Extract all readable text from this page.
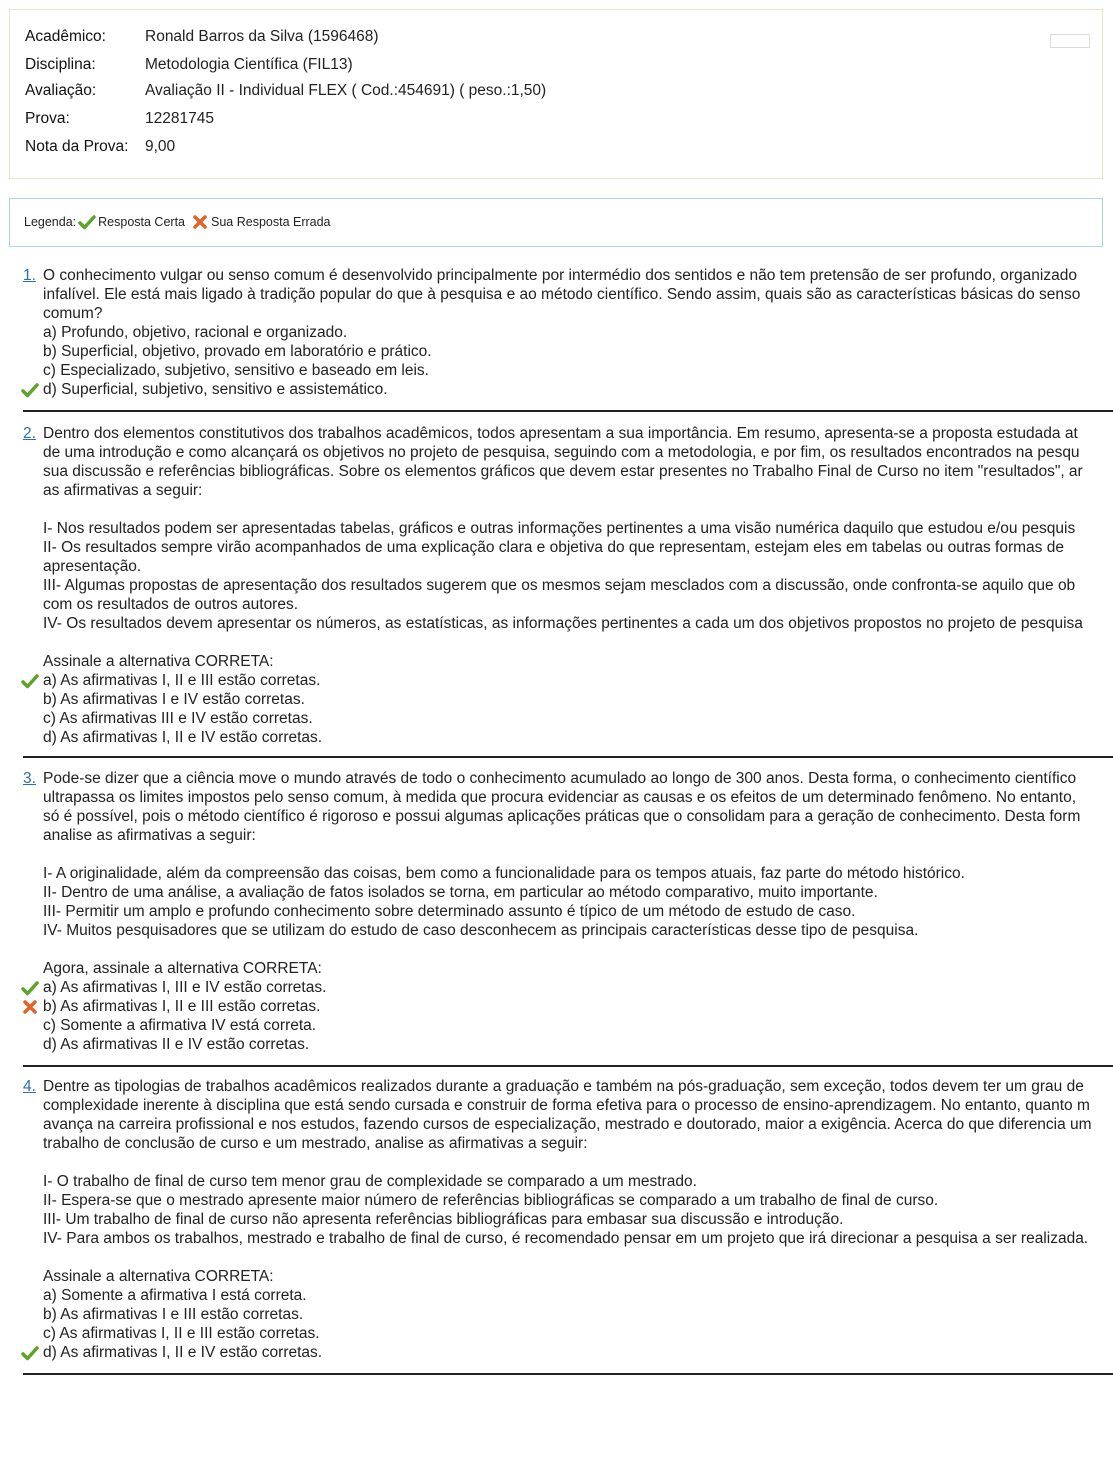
Acadêmico:	Ronald Barros da Silva (1596468)
Disciplina:	Metodologia Científica (FIL13)
Avaliação:	Avaliação II - Individual FLEX ( Cod.:454691) ( peso.:1,50)
Prova:	12281745
Nota da Prova: 9,00
Legenda: Resposta Certa Sua Resposta Errada
1. O conhecimento vulgar ou senso comum é desenvolvido principalmente por intermédio dos sentidos e não tem pretensão de ser profundo, organizado

infalível. Ele está mais ligado à tradição popular do que à pesquisa e ao método científico. Sendo assim, quais são as características básicas do senso

comum?

a) Profundo, objetivo, racional e organizado.
b) Superficial, objetivo, provado em laboratório e prático.
c) Especializado, subjetivo, sensitivo e baseado em leis.
d) Superficial, subjetivo, sensitivo e assistemático.
2. Dentro dos elementos constitutivos dos trabalhos acadêmicos, todos apresentam a sua importância. Em resumo, apresenta-se a proposta estudada at

de uma introdução e como alcançará os objetivos no projeto de pesquisa, seguindo com a metodologia, e por fim, os resultados encontrados na pesqu

sua discussão e referências bibliográficas. Sobre os elementos gráficos que devem estar presentes no Trabalho Final de Curso no item "resultados", ar

as afirmativas a seguir:

I- Nos resultados podem ser apresentadas tabelas, gráficos e outras informações pertinentes a uma visão numérica daquilo que estudou e/ou pesquis

II- Os resultados sempre virão acompanhados de uma explicação clara e objetiva do que representam, estejam eles em tabelas ou outras formas de

apresentação.

III- Algumas propostas de apresentação dos resultados sugerem que os mesmos sejam mesclados com a discussão, onde confronta-se aquilo que ob

com os resultados de outros autores.

IV- Os resultados devem apresentar os números, as estatísticas, as informações pertinentes a cada um dos objetivos propostos no projeto de pesquisa

Assinale a alternativa CORRETA:

a) As afirmativas I, II e III estão corretas.
b) As afirmativas I e IV estão corretas.
c) As afirmativas III e IV estão corretas.
d) As afirmativas I, II e IV estão corretas.
3. Pode-se dizer que a ciência move o mundo através de todo o conhecimento acumulado ao longo de 300 anos. Desta forma, o conhecimento científico

ultrapassa os limites impostos pelo senso comum, à medida que procura evidenciar as causas e os efeitos de um determinado fenômeno. No entanto,

só é possível, pois o método científico é rigoroso e possui algumas aplicações práticas que o consolidam para a geração de conhecimento. Desta form

analise as afirmativas a seguir:

I- A originalidade, além da compreensão das coisas, bem como a funcionalidade para os tempos atuais, faz parte do método histórico.

II- Dentro de uma análise, a avaliação de fatos isolados se torna, em particular ao método comparativo, muito importante.

III- Permitir um amplo e profundo conhecimento sobre determinado assunto é típico de um método de estudo de caso.

IV- Muitos pesquisadores que se utilizam do estudo de caso desconhecem as principais características desse tipo de pesquisa.

Agora, assinale a alternativa CORRETA:

a) As afirmativas I, III e IV estão corretas.
b) As afirmativas I, II e III estão corretas.
c) Somente a afirmativa IV está correta.
d) As afirmativas II e IV estão corretas.
4. Dentre as tipologias de trabalhos acadêmicos realizados durante a graduação e também na pós-graduação, sem exceção, todos devem ter um grau de

complexidade inerente à disciplina que está sendo cursada e construir de forma efetiva para o processo de ensino-aprendizagem. No entanto, quanto m

avança na carreira profissional e nos estudos, fazendo cursos de especialização, mestrado e doutorado, maior a exigência. Acerca do que diferencia um

trabalho de conclusão de curso e um mestrado, analise as afirmativas a seguir:

I- O trabalho de final de curso tem menor grau de complexidade se comparado a um mestrado.

II- Espera-se que o mestrado apresente maior número de referências bibliográficas se comparado a um trabalho de final de curso.

III- Um trabalho de final de curso não apresenta referências bibliográficas para embasar sua discussão e introdução.

IV- Para ambos os trabalhos, mestrado e trabalho de final de curso, é recomendado pensar em um projeto que irá direcionar a pesquisa a ser realizada.

Assinale a alternativa CORRETA:

a) Somente a afirmativa I está correta.
b) As afirmativas I e III estão corretas.
c) As afirmativas I, II e III estão corretas.
d) As afirmativas I, II e IV estão corretas.
